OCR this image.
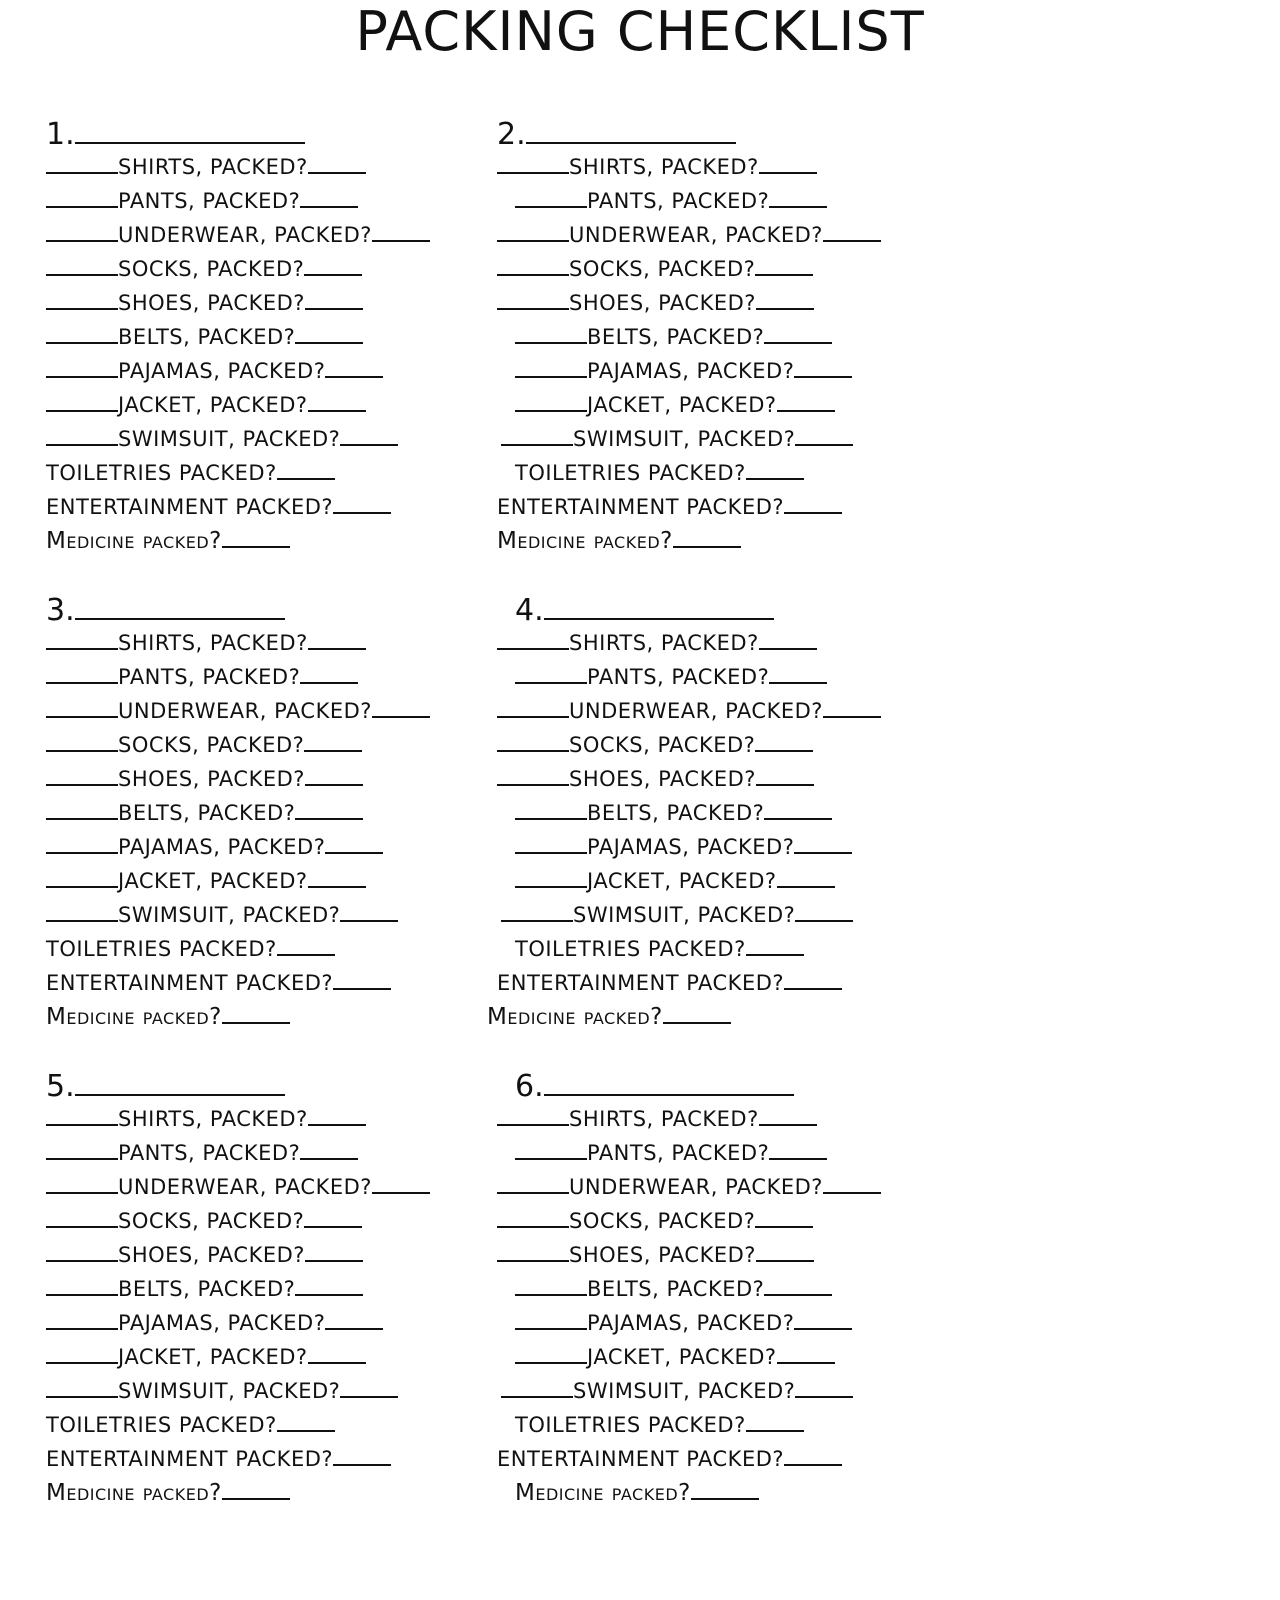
PACKING CHECKLIST
1.
SHIRTS, PACKED?
PANTS, PACKED?
UNDERWEAR, PACKED?
SOCKS, PACKED?
SHOES, PACKED?
BELTS, PACKED?
PAJAMAS, PACKED?
JACKET, PACKED?
SWIMSUIT, PACKED?
TOILETRIES PACKED?
ENTERTAINMENT PACKED?
Medicine packed?
2.
SHIRTS, PACKED?
PANTS, PACKED?
UNDERWEAR, PACKED?
SOCKS, PACKED?
SHOES, PACKED?
BELTS, PACKED?
PAJAMAS, PACKED?
JACKET, PACKED?
SWIMSUIT, PACKED?
TOILETRIES PACKED?
ENTERTAINMENT PACKED?
Medicine packed?
3.
SHIRTS, PACKED?
PANTS, PACKED?
UNDERWEAR, PACKED?
SOCKS, PACKED?
SHOES, PACKED?
BELTS, PACKED?
PAJAMAS, PACKED?
JACKET, PACKED?
SWIMSUIT, PACKED?
TOILETRIES PACKED?
ENTERTAINMENT PACKED?
Medicine packed?
4.
SHIRTS, PACKED?
PANTS, PACKED?
UNDERWEAR, PACKED?
SOCKS, PACKED?
SHOES, PACKED?
BELTS, PACKED?
PAJAMAS, PACKED?
JACKET, PACKED?
SWIMSUIT, PACKED?
TOILETRIES PACKED?
ENTERTAINMENT PACKED?
Medicine packed?
5.
SHIRTS, PACKED?
PANTS, PACKED?
UNDERWEAR, PACKED?
SOCKS, PACKED?
SHOES, PACKED?
BELTS, PACKED?
PAJAMAS, PACKED?
JACKET, PACKED?
SWIMSUIT, PACKED?
TOILETRIES PACKED?
ENTERTAINMENT PACKED?
Medicine packed?
6.
SHIRTS, PACKED?
PANTS, PACKED?
UNDERWEAR, PACKED?
SOCKS, PACKED?
SHOES, PACKED?
BELTS, PACKED?
PAJAMAS, PACKED?
JACKET, PACKED?
SWIMSUIT, PACKED?
TOILETRIES PACKED?
ENTERTAINMENT PACKED?
Medicine packed?
